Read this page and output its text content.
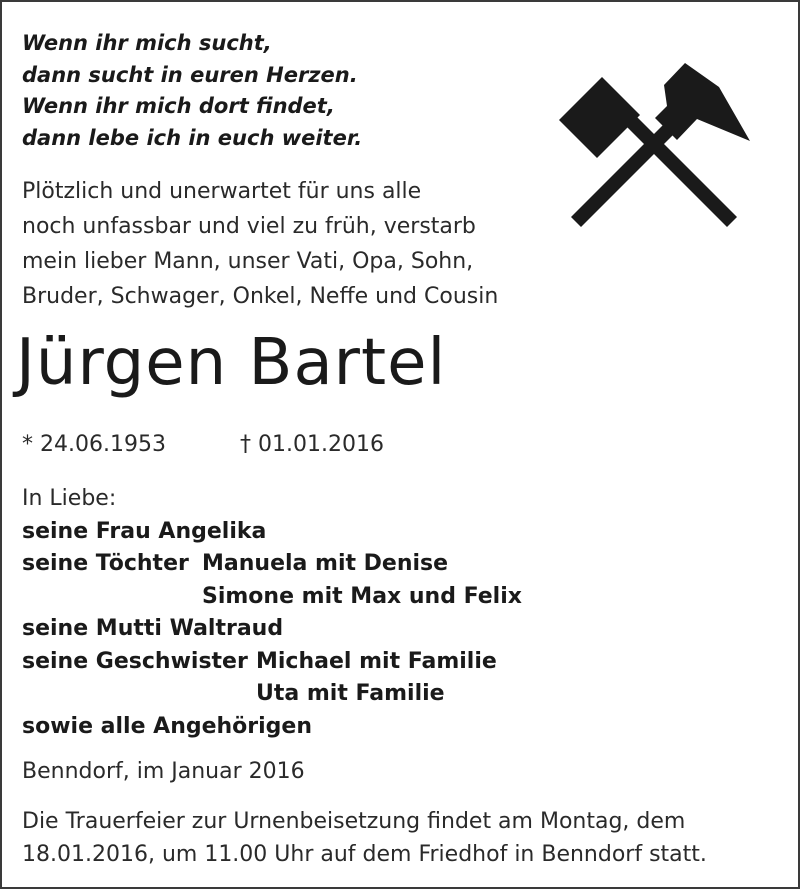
Wenn ihr mich sucht,
dann sucht in euren Herzen.
Wenn ihr mich dort findet,
dann lebe ich in euch weiter.
Plötzlich und unerwartet für uns alle
noch unfassbar und viel zu früh, verstarb
mein lieber Mann, unser Vati, Opa, Sohn,
Bruder, Schwager, Onkel, Neffe und Cousin
Jürgen Bartel
* 24.06.1953	† 01.01.2016
In Liebe:
seine Frau Angelika
seine Töchter Manuela mit Denise
Simone mit Max und Felix
seine Mutti Waltraud
seine Geschwister Michael mit Familie
Uta mit Familie
sowie alle Angehörigen
Benndorf, im Januar 2016
Die Trauerfeier zur Urnenbeisetzung findet am Montag, dem
18.01.2016, um 11.00 Uhr auf dem Friedhof in Benndorf statt.
